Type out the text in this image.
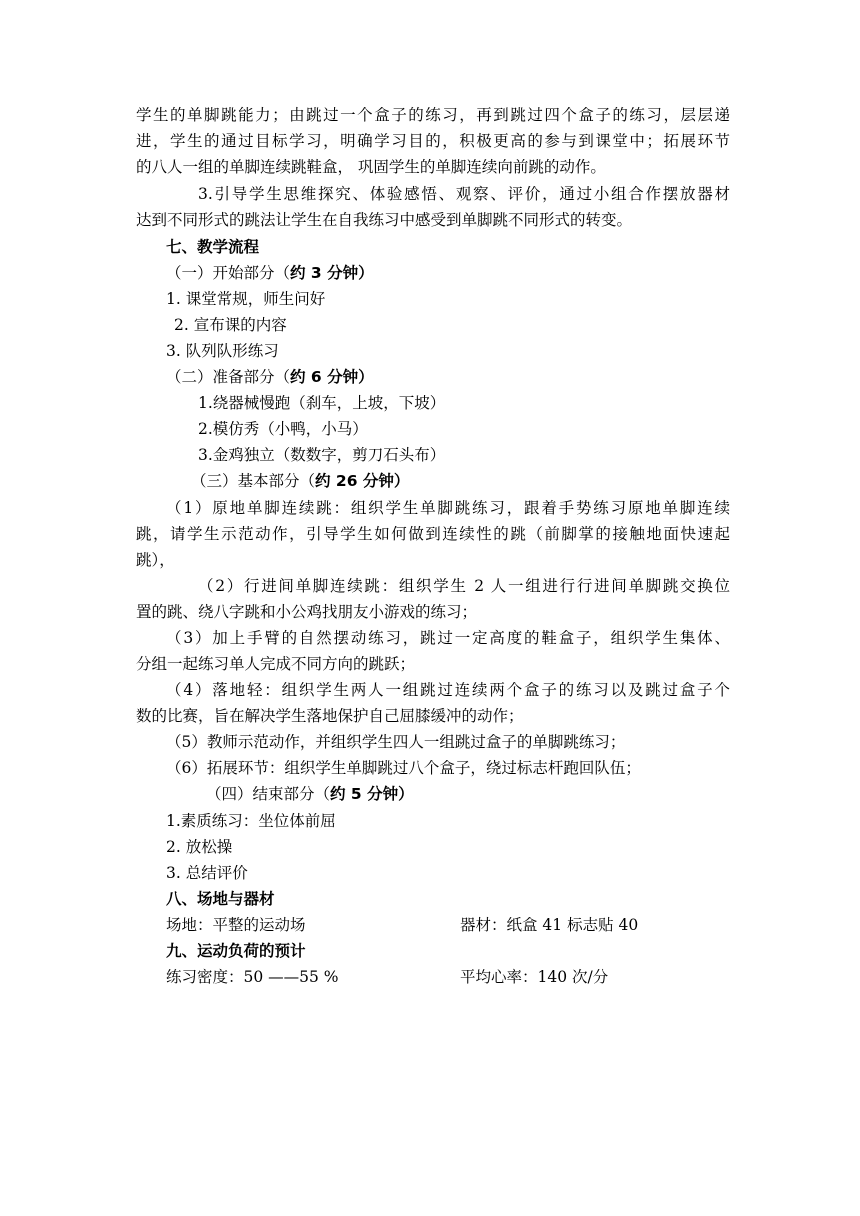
学生的单脚跳能力；由跳过一个盒子的练习，再到跳过四个盒子的练习，层层递
进，学生的通过目标学习，明确学习目的，积极更高的参与到课堂中；拓展环节
的八人一组的单脚连续跳鞋盒， 巩固学生的单脚连续向前跳的动作。
3.引导学生思维探究、体验感悟、观察、评价，通过小组合作摆放器材
达到不同形式的跳法让学生在自我练习中感受到单脚跳不同形式的转变。
七、教学流程
（一）开始部分（约 3 分钟）
1. 课堂常规，师生问好
2. 宣布课的内容
3. 队列队形练习
（二）准备部分（约 6 分钟）
1.绕器械慢跑（刹车，上坡，下坡）
2.模仿秀（小鸭，小马）
3.金鸡独立（数数字，剪刀石头布）
（三）基本部分（约 26 分钟）
（1）原地单脚连续跳：组织学生单脚跳练习，跟着手势练习原地单脚连续
跳，请学生示范动作，引导学生如何做到连续性的跳（前脚掌的接触地面快速起
跳），
（2）行进间单脚连续跳：组织学生 2 人一组进行行进间单脚跳交换位
置的跳、绕八字跳和小公鸡找朋友小游戏的练习；
（3）加上手臂的自然摆动练习，跳过一定高度的鞋盒子，组织学生集体、
分组一起练习单人完成不同方向的跳跃；
（4）落地轻：组织学生两人一组跳过连续两个盒子的练习以及跳过盒子个
数的比赛，旨在解决学生落地保护自己屈膝缓冲的动作；
（5）教师示范动作，并组织学生四人一组跳过盒子的单脚跳练习；
（6）拓展环节：组织学生单脚跳过八个盒子，绕过标志杆跑回队伍；
（四）结束部分（约 5 分钟）
1.素质练习：坐位体前屈
2. 放松操
3. 总结评价
八、场地与器材
场地：平整的运动场	器材：纸盒 41 标志贴 40
九、运动负荷的预计
练习密度：50 ——55 %	平均心率：140 次/分
